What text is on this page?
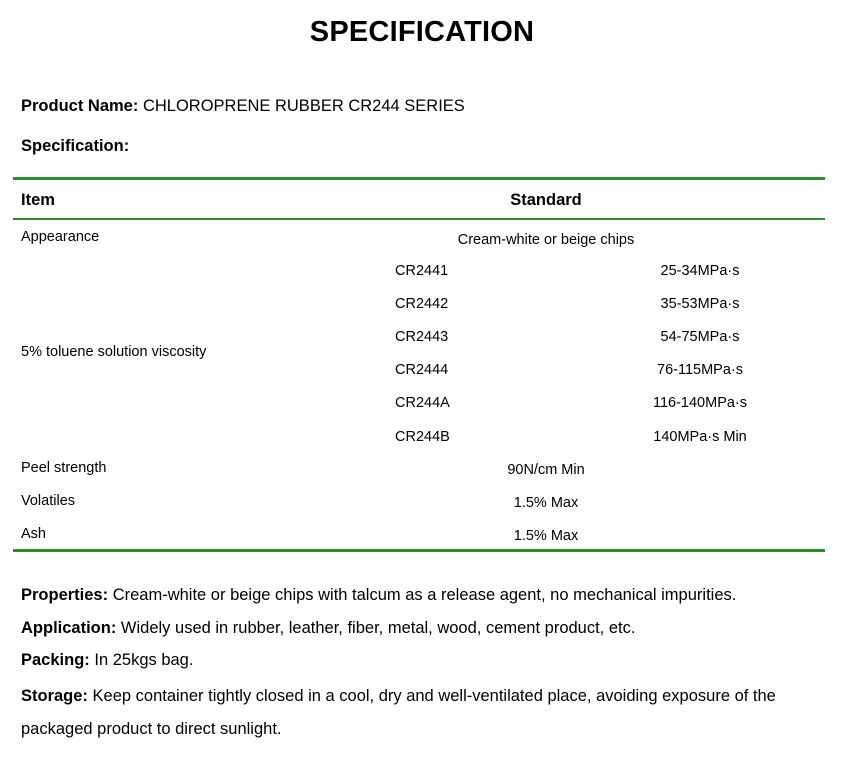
SPECIFICATION
Product Name: CHLOROPRENE RUBBER CR244 SERIES
Specification:
Item	Standard
Appearance	Cream-white or beige chips
5% toluene solution viscosity
CR2441	25-34MPa·s
CR2442	35-53MPa·s
CR2443	54-75MPa·s
CR2444	76-115MPa·s
CR244A	116-140MPa·s
CR244B	140MPa·s Min
Peel strength	90N/cm Min
Volatiles	1.5% Max
Ash	1.5% Max
Properties: Cream-white or beige chips with talcum as a release agent, no mechanical impurities.
Application: Widely used in rubber, leather, fiber, metal, wood, cement product, etc.
Packing: In 25kgs bag.
Storage: Keep container tightly closed in a cool, dry and well-ventilated place, avoiding exposure of the packaged product to direct sunlight.
